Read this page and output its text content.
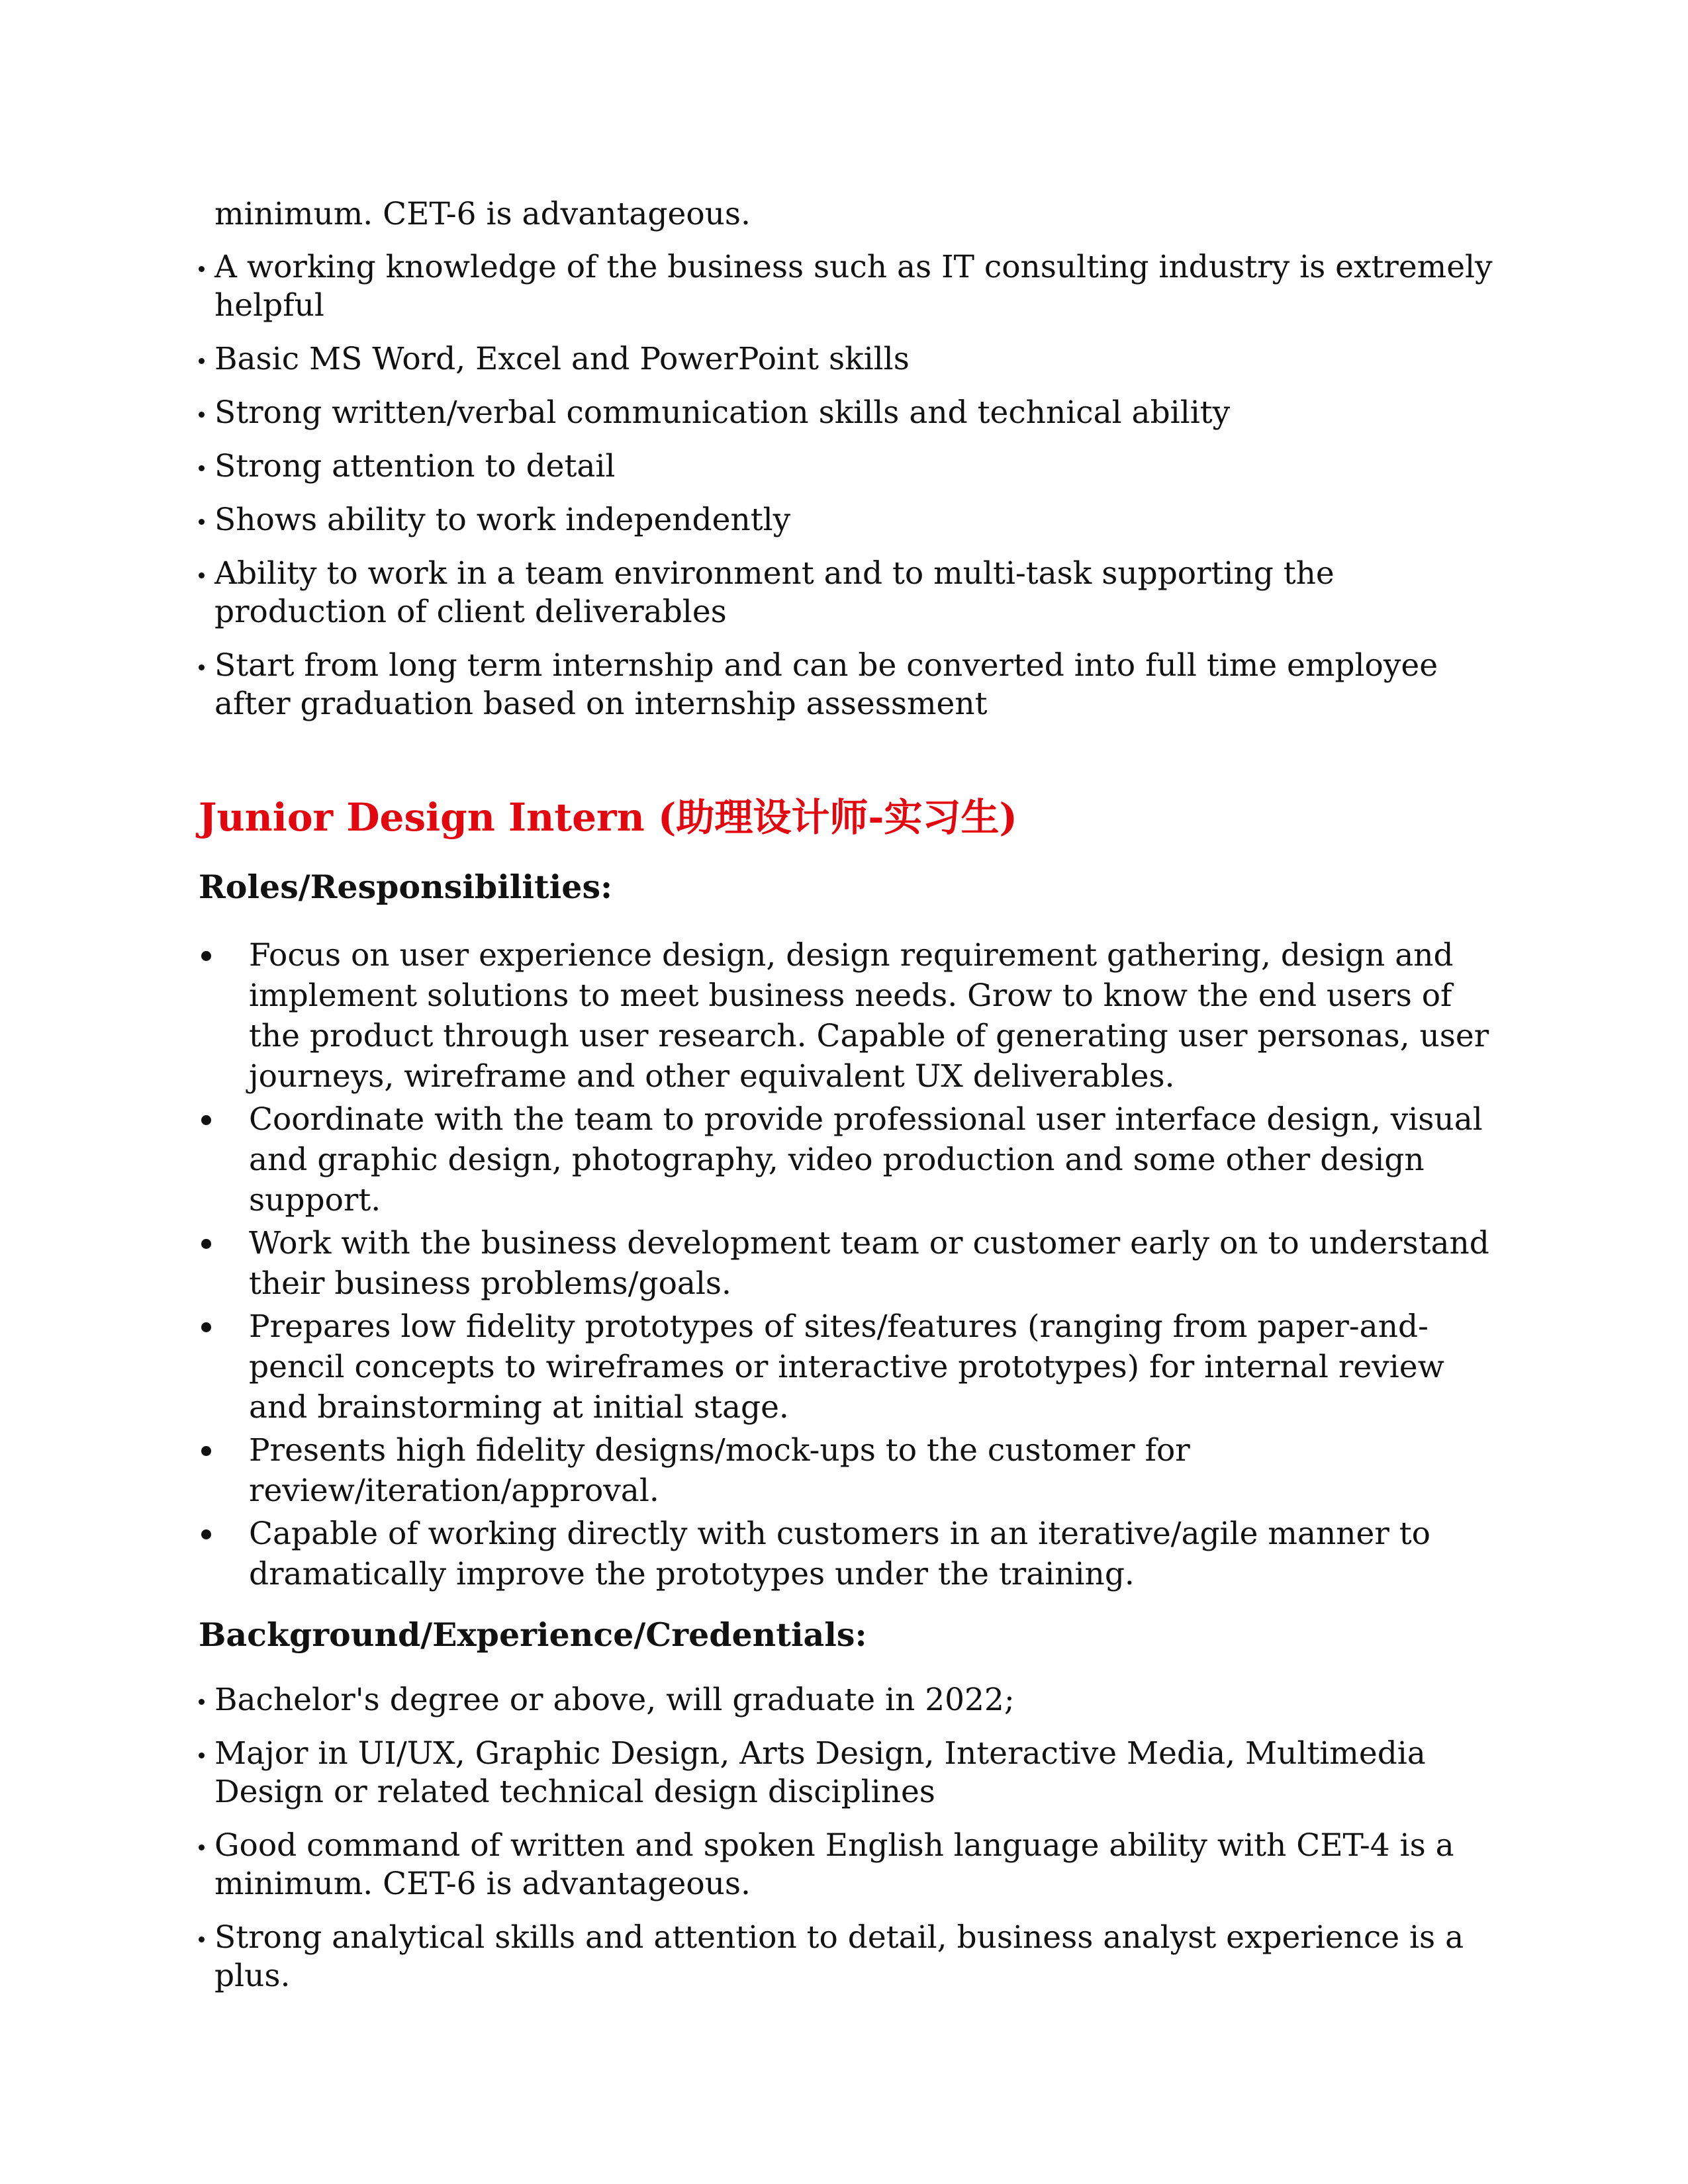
minimum. CET-6 is advantageous.
A working knowledge of the business such as IT consulting industry is extremely helpful
Basic MS Word, Excel and PowerPoint skills
Strong written/verbal communication skills and technical ability
Strong attention to detail
Shows ability to work independently
Ability to work in a team environment and to multi-task supporting the production of client deliverables
Start from long term internship and can be converted into full time employee after graduation based on internship assessment
Junior Design Intern (助理设计师-实习生)
Roles/Responsibilities:
Focus on user experience design, design requirement gathering, design and implement solutions to meet business needs. Grow to know the end users of the product through user research. Capable of generating user personas, user journeys, wireframe and other equivalent UX deliverables.
Coordinate with the team to provide professional user interface design, visual and graphic design, photography, video production and some other design support.
Work with the business development team or customer early on to understand their business problems/goals.
Prepares low fidelity prototypes of sites/features (ranging from paper-and-pencil concepts to wireframes or interactive prototypes) for internal review and brainstorming at initial stage.
Presents high fidelity designs/mock-ups to the customer for review/iteration/approval.
Capable of working directly with customers in an iterative/agile manner to dramatically improve the prototypes under the training.
Background/Experience/Credentials:
Bachelor's degree or above, will graduate in 2022;
Major in UI/UX, Graphic Design, Arts Design, Interactive Media, Multimedia Design or related technical design disciplines
Good command of written and spoken English language ability with CET-4 is a minimum. CET-6 is advantageous.
Strong analytical skills and attention to detail, business analyst experience is a plus.
